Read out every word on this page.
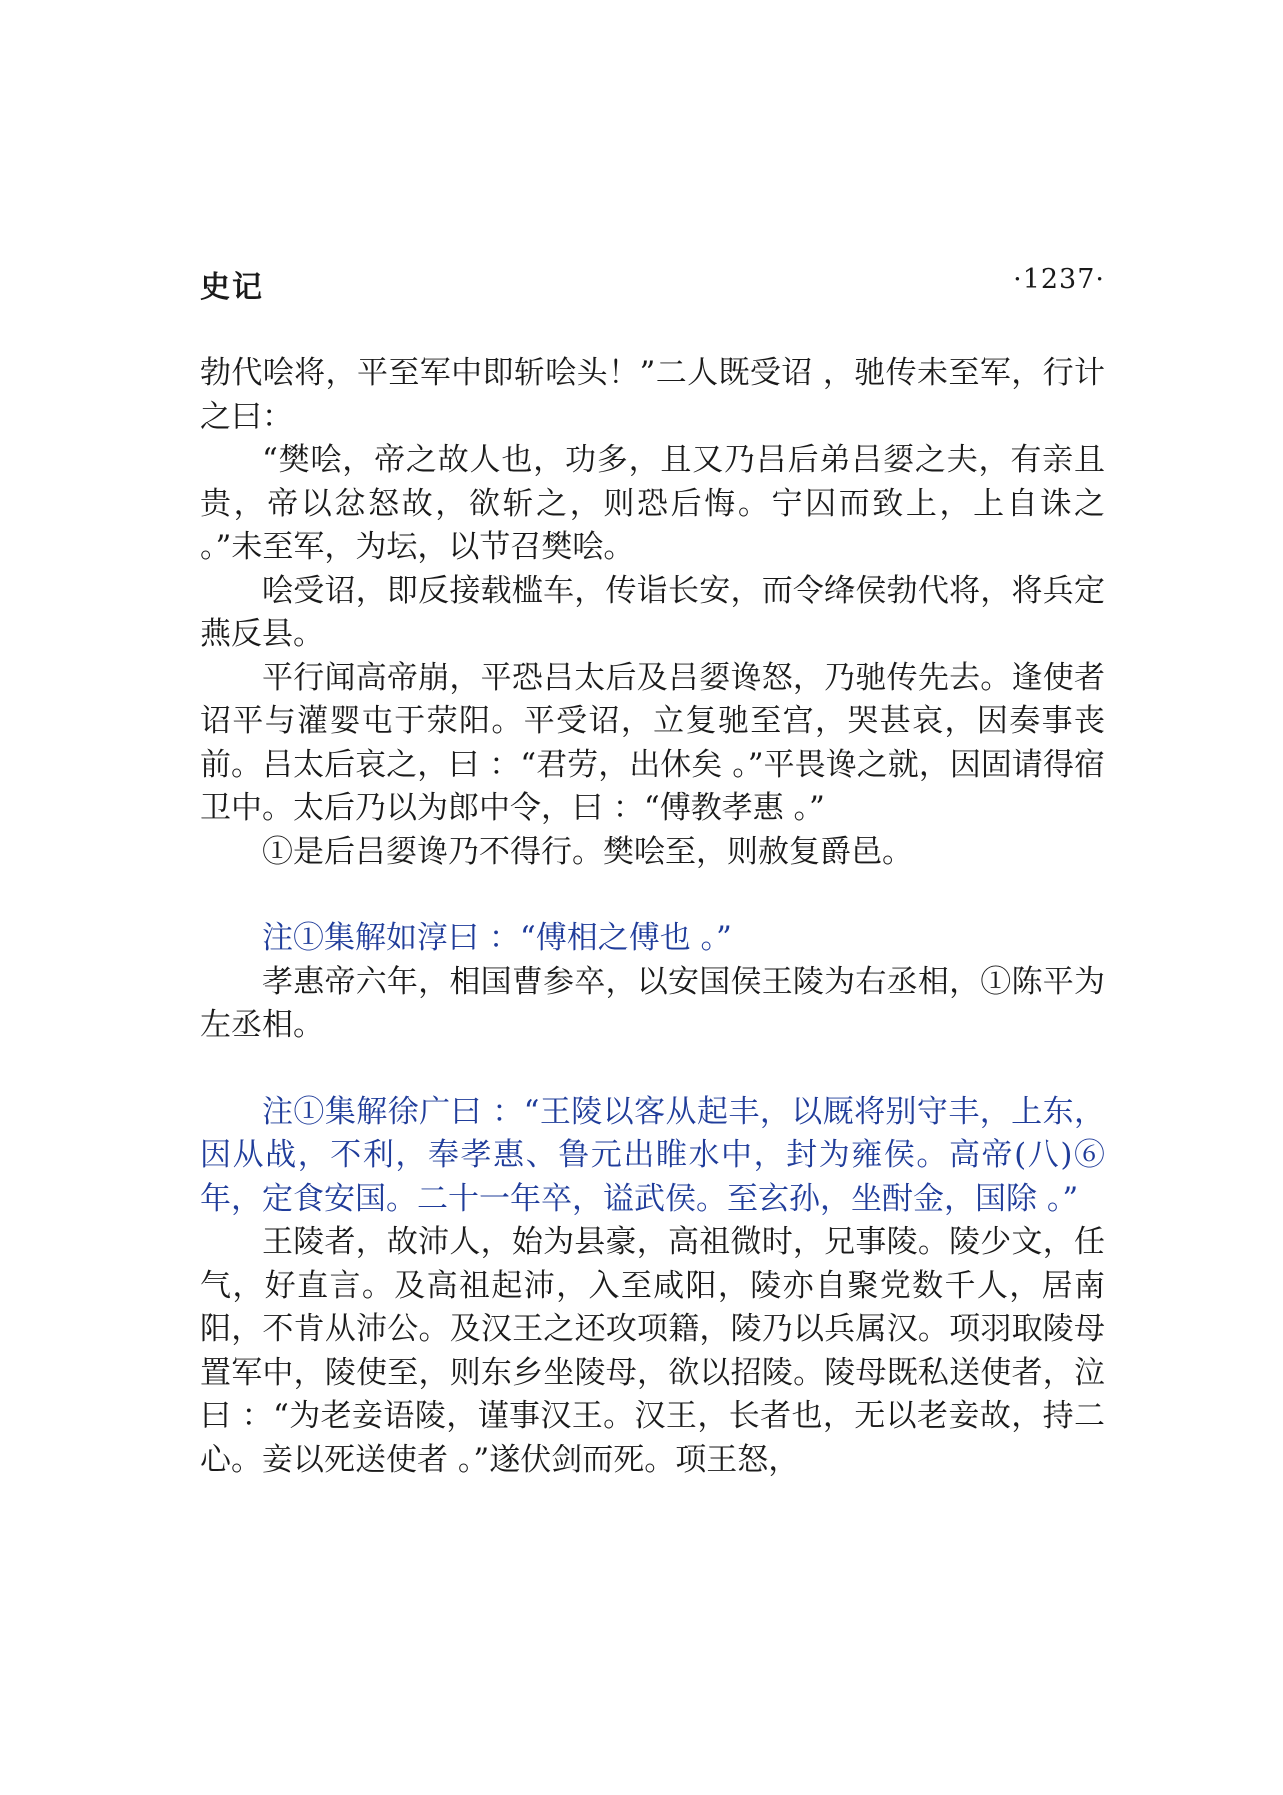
史记	·1237·

勃代哙将，平至军中即斩哙头！”二人既受诏 ，驰传未至军，行计之曰：

“樊哙，帝之故人也，功多，且又乃吕后弟吕媭之夫，有亲且贵，帝以忿怒故，欲斩之，则恐后悔。宁囚而致上，上自诛之 。”未至军，为坛，以节召樊哙。

哙受诏，即反接载槛车，传诣长安，而令绛侯勃代将，将兵定燕反县。

平行闻高帝崩，平恐吕太后及吕媭谗怒，乃驰传先去。逢使者诏平与灌婴屯于荥阳。平受诏，立复驰至宫，哭甚哀，因奏事丧前。吕太后哀之，曰 ：“君劳，出休矣 。”平畏谗之就，因固请得宿卫中。太后乃以为郎中令，曰 ：“傅教孝惠 。”

①是后吕媭谗乃不得行。樊哙至，则赦复爵邑。

注①集解如淳曰 ：“傅相之傅也 。”

孝惠帝六年，相国曹参卒，以安国侯王陵为右丞相，①陈平为左丞相。

注①集解徐广曰 ：“王陵以客从起丰，以厩将别守丰，上东，因从战，不利，奉孝惠、鲁元出睢水中，封为雍侯。高帝(八)⑥年，定食安国。二十一年卒，谥武侯。至玄孙，坐酎金，国除 。”

王陵者，故沛人，始为县豪，高祖微时，兄事陵。陵少文，任气，好直言。及高祖起沛，入至咸阳，陵亦自聚党数千人，居南阳，不肯从沛公。及汉王之还攻项籍，陵乃以兵属汉。项羽取陵母置军中，陵使至，则东乡坐陵母，欲以招陵。陵母既私送使者，泣曰 ：“为老妾语陵，谨事汉王。汉王，长者也，无以老妾故，持二心。妾以死送使者 。”遂伏剑而死。项王怒，
